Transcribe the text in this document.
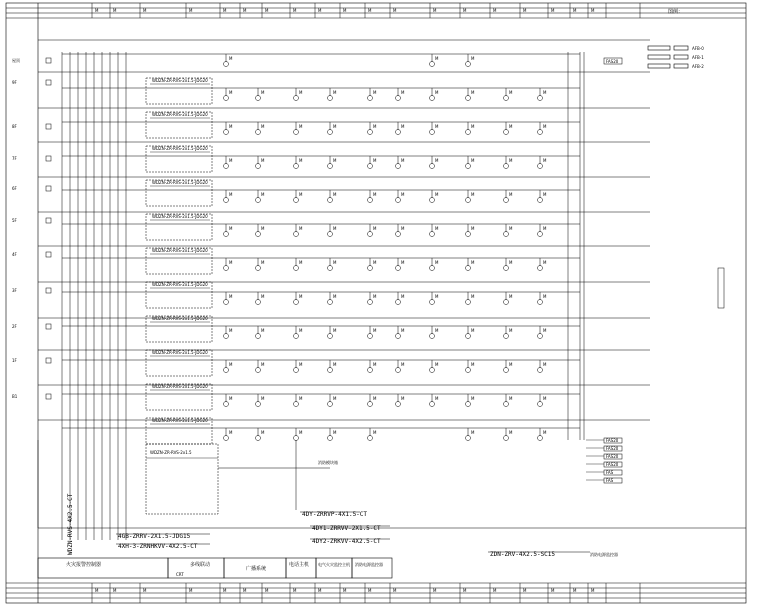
M	M	M	M	M	M	M	M	M	M	M	M	M	M	M	M	M	M	M
M	M	M	M	M	M	M	M	M	M	M	M	M	M	M	M	M	M	M
屋顶
9F
8F
7F
6F
5F
4F
3F
2F
1F
B1
WDZN-ZR-RVS-2x1.5-JDG20
WDZN-ZR-RVS-2x1.5-JDG20
WDZN-ZR-RVS-2x1.5-JDG20
WDZN-ZR-RVS-2x1.5-JDG20
WDZN-ZR-RVS-2x1.5-JDG20
WDZN-ZR-RVS-2x1.5-JDG20
WDZN-ZR-RVS-2x1.5-JDG20
WDZN-ZR-RVS-2x1.5-JDG20
WDZN-ZR-RVS-2x1.5-JDG20
WDZN-ZR-RVS-2x1.5-JDG20
WDZN-ZR-RVS-2x1.5-JDG20
WDZN-ZR-RVS-2x1.5
M	M	M
M	M	M	M	M	M	M	M	M	M
M	M	M	M	M	M	M	M	M	M
M	M	M	M	M	M	M	M	M	M
M	M	M	M	M	M	M	M	M	M
M	M	M	M	M	M	M	M	M	M
M	M	M	M	M	M	M	M	M	M
M	M	M	M	M	M	M	M	M	M
M	M	M	M	M	M	M	M	M	M
M	M	M	M	M	M	M	M	M	M
M	M	M	M	M	M	M	M	M	M
M	M	M	M	M	M	M	M
FAS20
FAS20
FAS20
FAS20
FAS20
FAS
FAS
图例：
4DY-ZRRVP-4X1.5-CT
4DY1-ZRRVV-2X1.5-CT
4DY2-ZRKVV-4X2.5-CT
4GB-ZRRV-2X1.5-JDG15
4XH-3-ZRNHKVV-4X2.5-CT
ZDN-ZRV-4X2.5-SC15	消防电源监控器
消防模块箱
火灾报警控制器	多线联动
广播系统
电话主机 电气火灾监控主机 消防电源监控器
CRT
WDZN-RVS-4X2.5-CT
AFB-0
AFB-1
AFB-2
